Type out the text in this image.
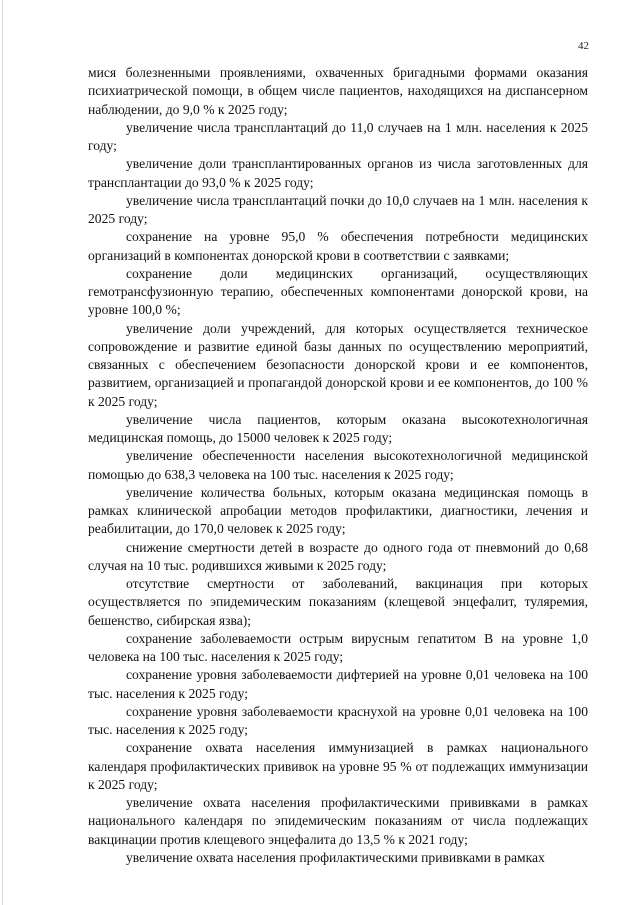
42

мися болезненными проявлениями, охваченных бригадными формами оказания психиатрической помощи, в общем числе пациентов, находящихся на диспансерном наблюдении, до 9,0 % к 2025 году;

увеличение числа трансплантаций до 11,0 случаев на 1 млн. населения к 2025 году;

увеличение доли трансплантированных органов из числа заготовленных для трансплантации до 93,0 % к 2025 году;

увеличение числа трансплантаций почки до 10,0 случаев на 1 млн. населения к 2025 году;

сохранение на уровне 95,0 % обеспечения потребности медицинских организаций в компонентах донорской крови в соответствии с заявками;

сохранение доли медицинских организаций, осуществляющих гемотрансфузионную терапию, обеспеченных компонентами донорской крови, на уровне 100,0 %;

увеличение доли учреждений, для которых осуществляется техническое сопровождение и развитие единой базы данных по осуществлению мероприятий, связанных с обеспечением безопасности донорской крови и ее компонентов, развитием, организацией и пропагандой донорской крови и ее компонентов, до 100 % к 2025 году;

увеличение числа пациентов, которым оказана высокотехнологичная медицинская помощь, до 15000 человек к 2025 году;

увеличение обеспеченности населения высокотехнологичной медицинской помощью до 638,3 человека на 100 тыс. населения к 2025 году;

увеличение количества больных, которым оказана медицинская помощь в рамках клинической апробации методов профилактики, диагностики, лечения и реабилитации, до 170,0 человек к 2025 году;

снижение смертности детей в возрасте до одного года от пневмоний до 0,68 случая на 10 тыс. родившихся живыми к 2025 году;

отсутствие смертности от заболеваний, вакцинация при которых осуществляется по эпидемическим показаниям (клещевой энцефалит, туляремия, бешенство, сибирская язва);

сохранение заболеваемости острым вирусным гепатитом В на уровне 1,0 человека на 100 тыс. населения к 2025 году;

сохранение уровня заболеваемости дифтерией на уровне 0,01 человека на 100 тыс. населения к 2025 году;

сохранение уровня заболеваемости краснухой на уровне 0,01 человека на 100 тыс. населения к 2025 году;

сохранение охвата населения иммунизацией в рамках национального календаря профилактических прививок на уровне 95 % от подлежащих иммунизации к 2025 году;

увеличение охвата населения профилактическими прививками в рамках национального календаря по эпидемическим показаниям от числа подлежащих вакцинации против клещевого энцефалита до 13,5 % к 2021 году;

увеличение охвата населения профилактическими прививками в рамках
